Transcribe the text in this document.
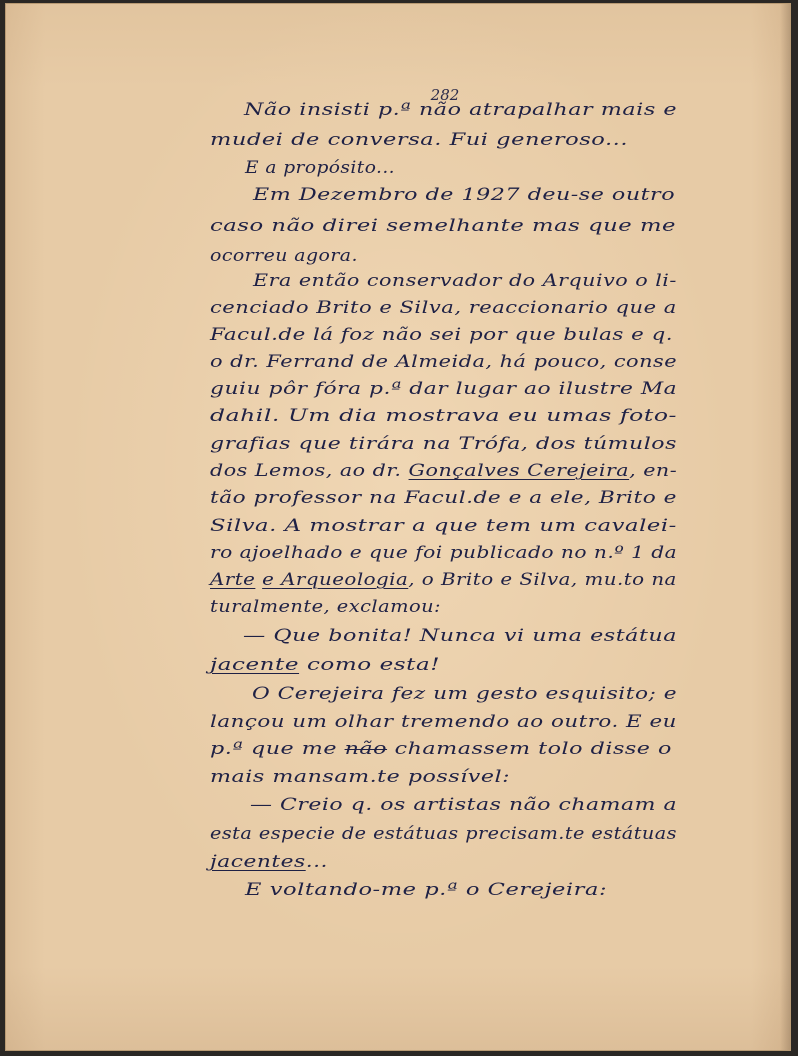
282
Não insisti p.ª não atrapalhar mais e
mudei de conversa. Fui generoso...
E a propósito...
Em Dezembro de 1927 deu-se outro
caso não direi semelhante mas que me
ocorreu agora.
Era então conservador do Arquivo o li-
cenciado Brito e Silva, reaccionario que a
Facul.de lá foz não sei por que bulas e q.
o dr. Ferrand de Almeida, há pouco, conse
guiu pôr fóra p.ª dar lugar ao ilustre Ma
dahil. Um dia mostrava eu umas foto-
grafias que tirára na Trófa, dos túmulos
dos Lemos, ao dr. Gonçalves Cerejeira, en-
tão professor na Facul.de e a ele, Brito e
Silva. A mostrar a que tem um cavalei-
ro ajoelhado e que foi publicado no n.º 1 da
Arte e Arqueologia, o Brito e Silva, mu.to na
turalmente, exclamou:
— Que bonita! Nunca vi uma estátua
jacente como esta!
O Cerejeira fez um gesto esquisito; e
lançou um olhar tremendo ao outro. E eu
p.ª que me não chamassem tolo disse o
mais mansam.te possível:
— Creio q. os artistas não chamam a
esta especie de estátuas precisam.te estátuas
jacentes...
E voltando-me p.ª o Cerejeira:
